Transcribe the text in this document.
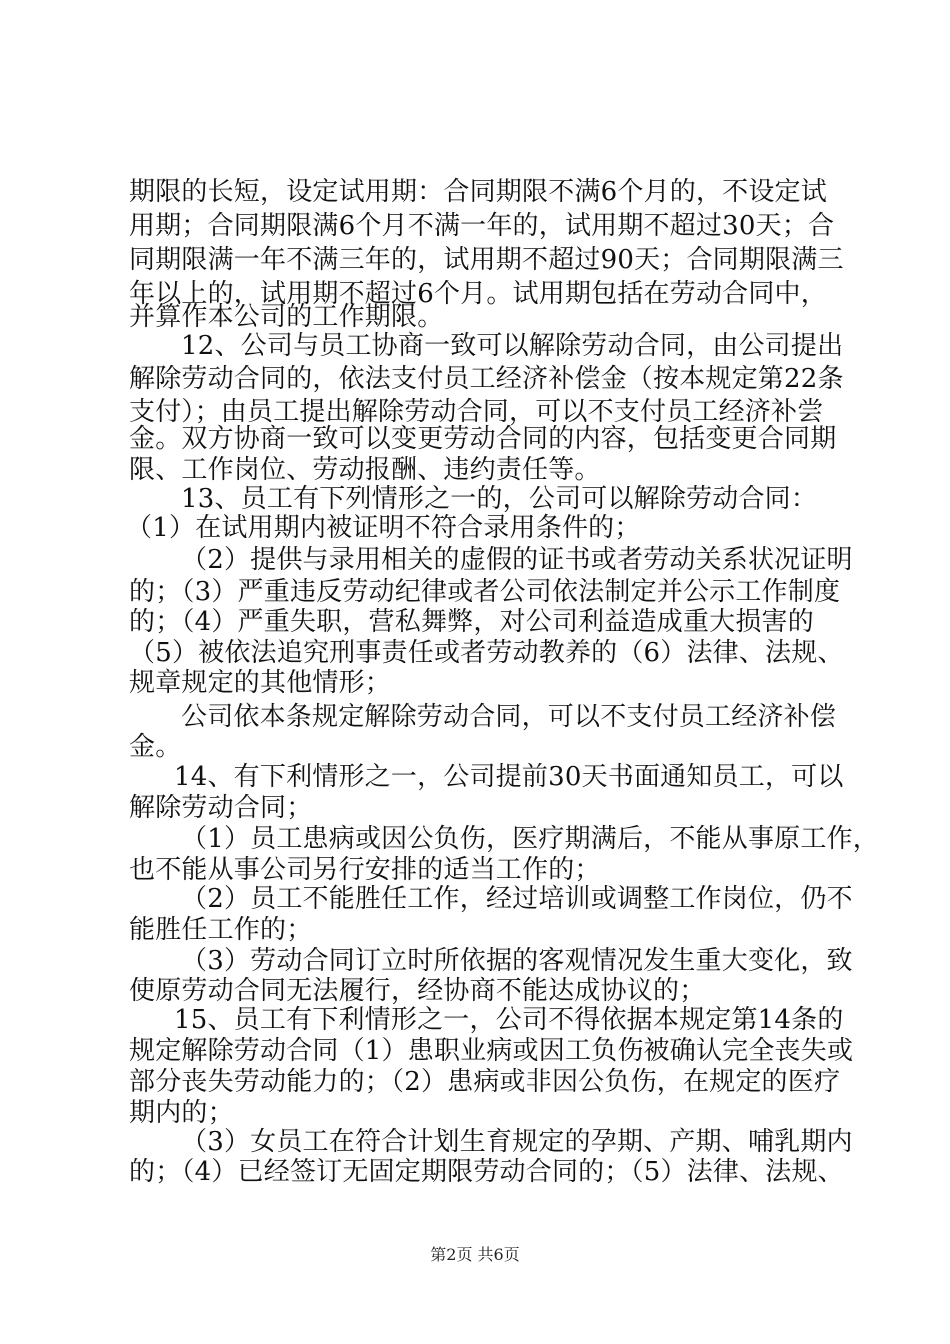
期限的长短，设定试用期：合同期限不满6个月的，不设定试
用期；合同期限满6个月不满一年的，试用期不超过30天；合
同期限满一年不满三年的，试用期不超过90天；合同期限满三
年以上的，试用期不超过6个月。试用期包括在劳动合同中，
并算作本公司的工作期限。
12、公司与员工协商一致可以解除劳动合同，由公司提出
解除劳动合同的，依法支付员工经济补偿金（按本规定第22条
支付）；由员工提出解除劳动合同，可以不支付员工经济补尝
金。双方协商一致可以变更劳动合同的内容，包括变更合同期
限、工作岗位、劳动报酬、违约责任等。
13、员工有下列情形之一的，公司可以解除劳动合同：
（1）在试用期内被证明不符合录用条件的；
（2）提供与录用相关的虚假的证书或者劳动关系状况证明
的；（3）严重违反劳动纪律或者公司依法制定并公示工作制度
的；（4）严重失职，营私舞弊，对公司利益造成重大损害的
（5）被依法追究刑事责任或者劳动教养的（6）法律、法规、
规章规定的其他情形；
公司依本条规定解除劳动合同，可以不支付员工经济补偿
金。
14、有下利情形之一，公司提前30天书面通知员工，可以
解除劳动合同；
（1）员工患病或因公负伤，医疗期满后，不能从事原工作，
也不能从事公司另行安排的适当工作的；
（2）员工不能胜任工作，经过培训或调整工作岗位，仍不
能胜任工作的；
（3）劳动合同订立时所依据的客观情况发生重大变化，致
使原劳动合同无法履行，经协商不能达成协议的；
15、员工有下利情形之一，公司不得依据本规定第14条的
规定解除劳动合同（1）患职业病或因工负伤被确认完全丧失或
部分丧失劳动能力的；（2）患病或非因公负伤，在规定的医疗
期内的；
（3）女员工在符合计划生育规定的孕期、产期、哺乳期内
的；（4）已经签订无固定期限劳动合同的；（5）法律、法规、
第2页 共6页
